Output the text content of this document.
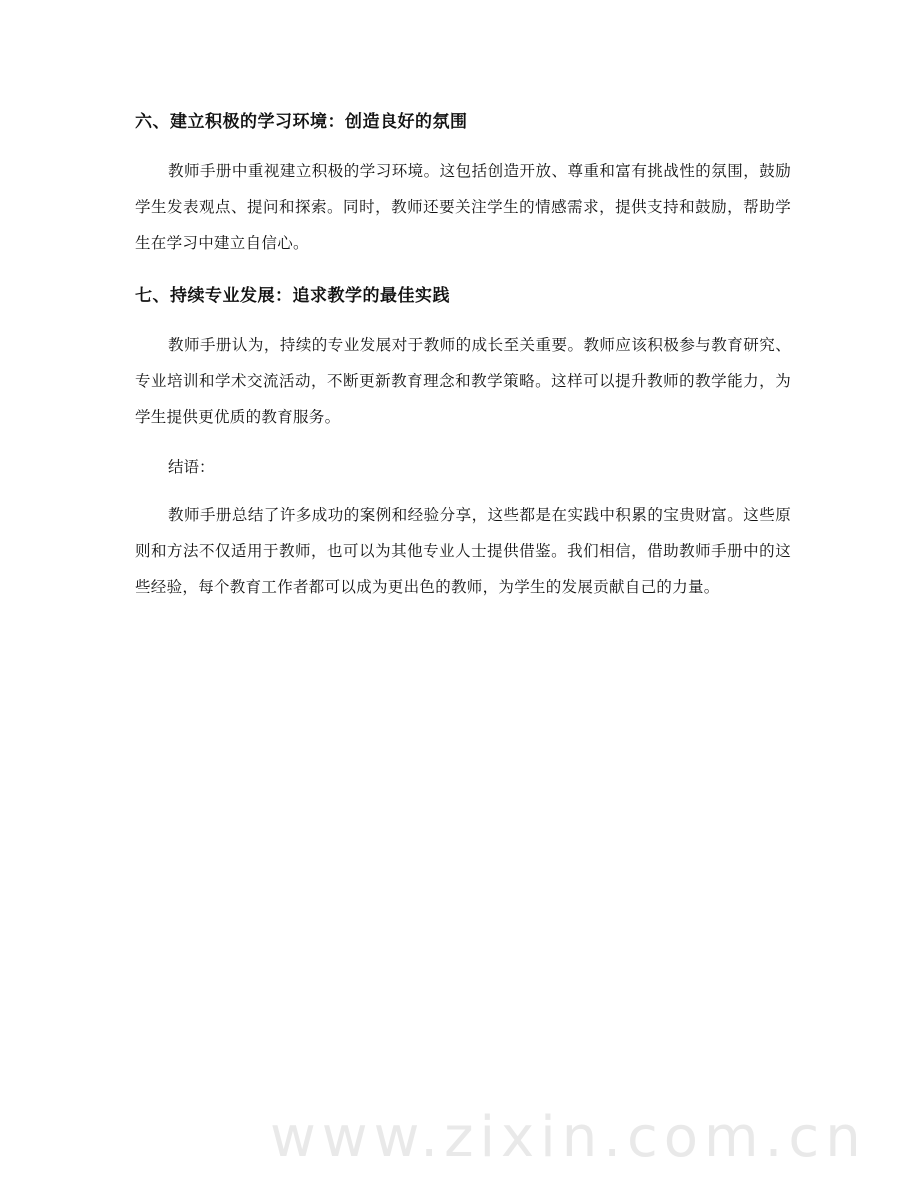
六、建立积极的学习环境：创造良好的氛围
教师手册中重视建立积极的学习环境。这包括创造开放、尊重和富有挑战性的氛围，鼓励学生发表观点、提问和探索。同时，教师还要关注学生的情感需求，提供支持和鼓励，帮助学生在学习中建立自信心。
七、持续专业发展：追求教学的最佳实践
教师手册认为，持续的专业发展对于教师的成长至关重要。教师应该积极参与教育研究、专业培训和学术交流活动，不断更新教育理念和教学策略。这样可以提升教师的教学能力，为学生提供更优质的教育服务。
结语：
教师手册总结了许多成功的案例和经验分享，这些都是在实践中积累的宝贵财富。这些原则和方法不仅适用于教师，也可以为其他专业人士提供借鉴。我们相信，借助教师手册中的这些经验，每个教育工作者都可以成为更出色的教师，为学生的发展贡献自己的力量。
www.zixin.com.cn
